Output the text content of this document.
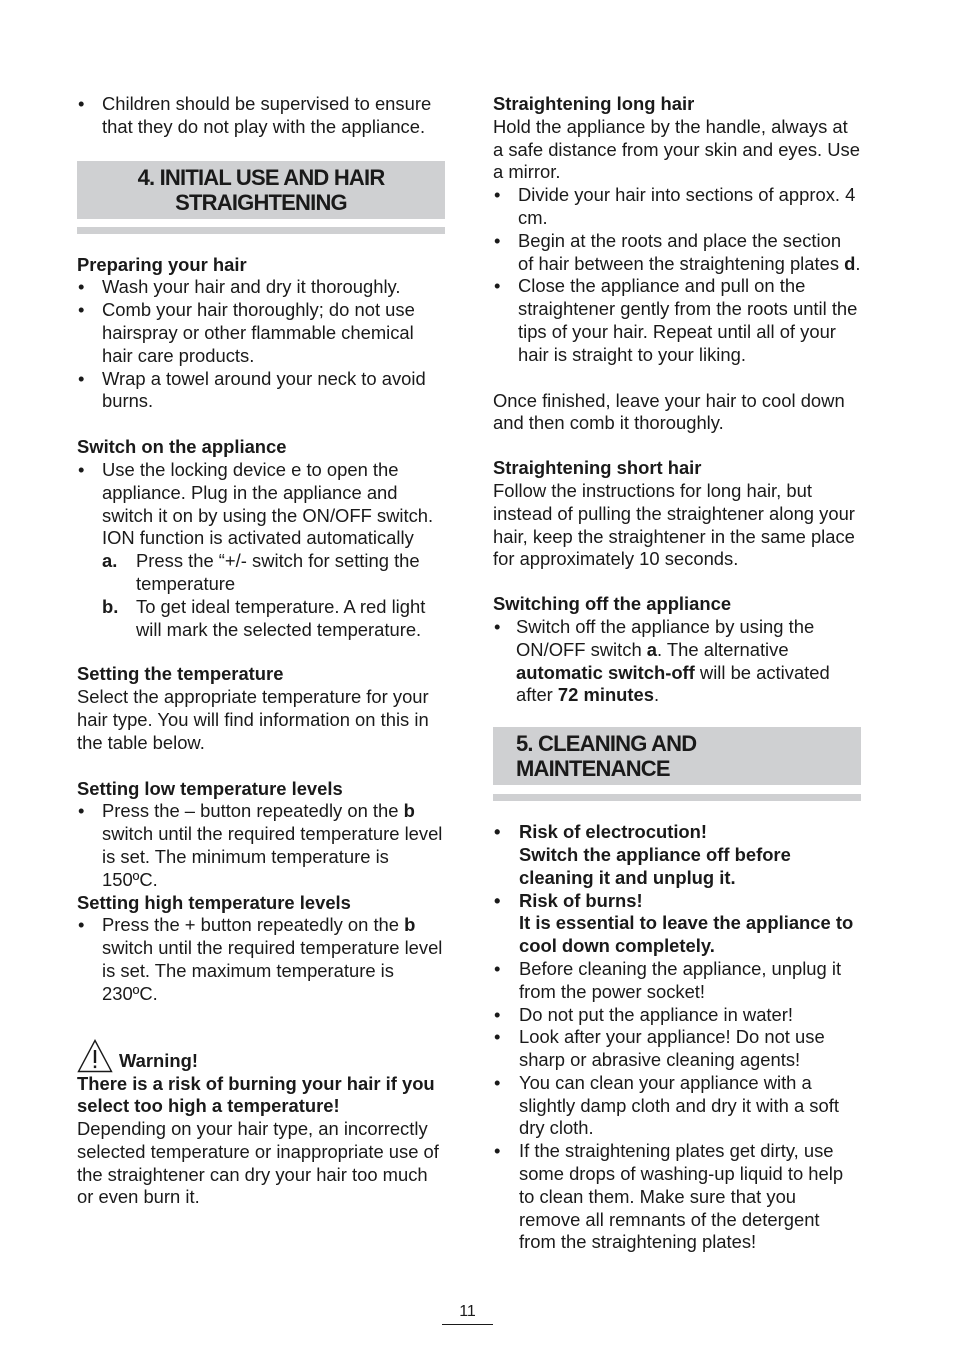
• Children should be supervised to ensure that they do not play with the appliance.
4. INITIAL USE AND HAIR
STRAIGHTENING

Preparing your hair

• Wash your hair and dry it thoroughly.
• Comb your hair thoroughly; do not use hairspray or other flammable chemical hair care products.
• Wrap a towel around your neck to avoid burns.

Switch on the appliance

• Use the locking device e to open the appliance. Plug in the appliance and switch it on by using the ON/OFF switch. ION function is activated automatically
a. Press the “+/- switch for setting the temperature
b. To get ideal temperature. A red light will mark the selected temperature.

Setting the temperature

Select the appropriate temperature for your hair type. You will find information on this in the table below.

Setting low temperature levels

• Press the – button repeatedly on the b switch until the required temperature level is set. The minimum temperature is 150ºC.

Setting high temperature levels

• Press the + button repeatedly on the b switch until the required temperature level is set. The maximum temperature is 230ºC.
Warning!

There is a risk of burning your hair if you select too high a temperature!

Depending on your hair type, an incorrectly selected temperature or inappropriate use of the straightener can dry your hair too much or even burn it.

Straightening long hair

Hold the appliance by the handle, always at a safe distance from your skin and eyes. Use a mirror.

• Divide your hair into sections of approx. 4 cm.
• Begin at the roots and place the section of hair between the straightening plates d.
• Close the appliance and pull on the straightener gently from the roots until the tips of your hair. Repeat until all of your hair is straight to your liking.

Once finished, leave your hair to cool down and then comb it thoroughly.

Straightening short hair

Follow the instructions for long hair, but instead of pulling the straightener along your hair, keep the straightener in the same place for approximately 10 seconds.

Switching off the appliance

• Switch off the appliance by using the ON/OFF switch a. The alternative automatic switch-off will be activated after 72 minutes.
5. CLEANING AND MAINTENANCE
• Risk of electrocution!
Switch the appliance off before cleaning it and unplug it.
• Risk of burns!
It is essential to leave the appliance to cool down completely.
• Before cleaning the appliance, unplug it from the power socket!
• Do not put the appliance in water!
• Look after your appliance! Do not use sharp or abrasive cleaning agents!
• You can clean your appliance with a slightly damp cloth and dry it with a soft dry cloth.
• If the straightening plates get dirty, use some drops of washing-up liquid to help to clean them. Make sure that you remove all remnants of the detergent from the straightening plates!
11
